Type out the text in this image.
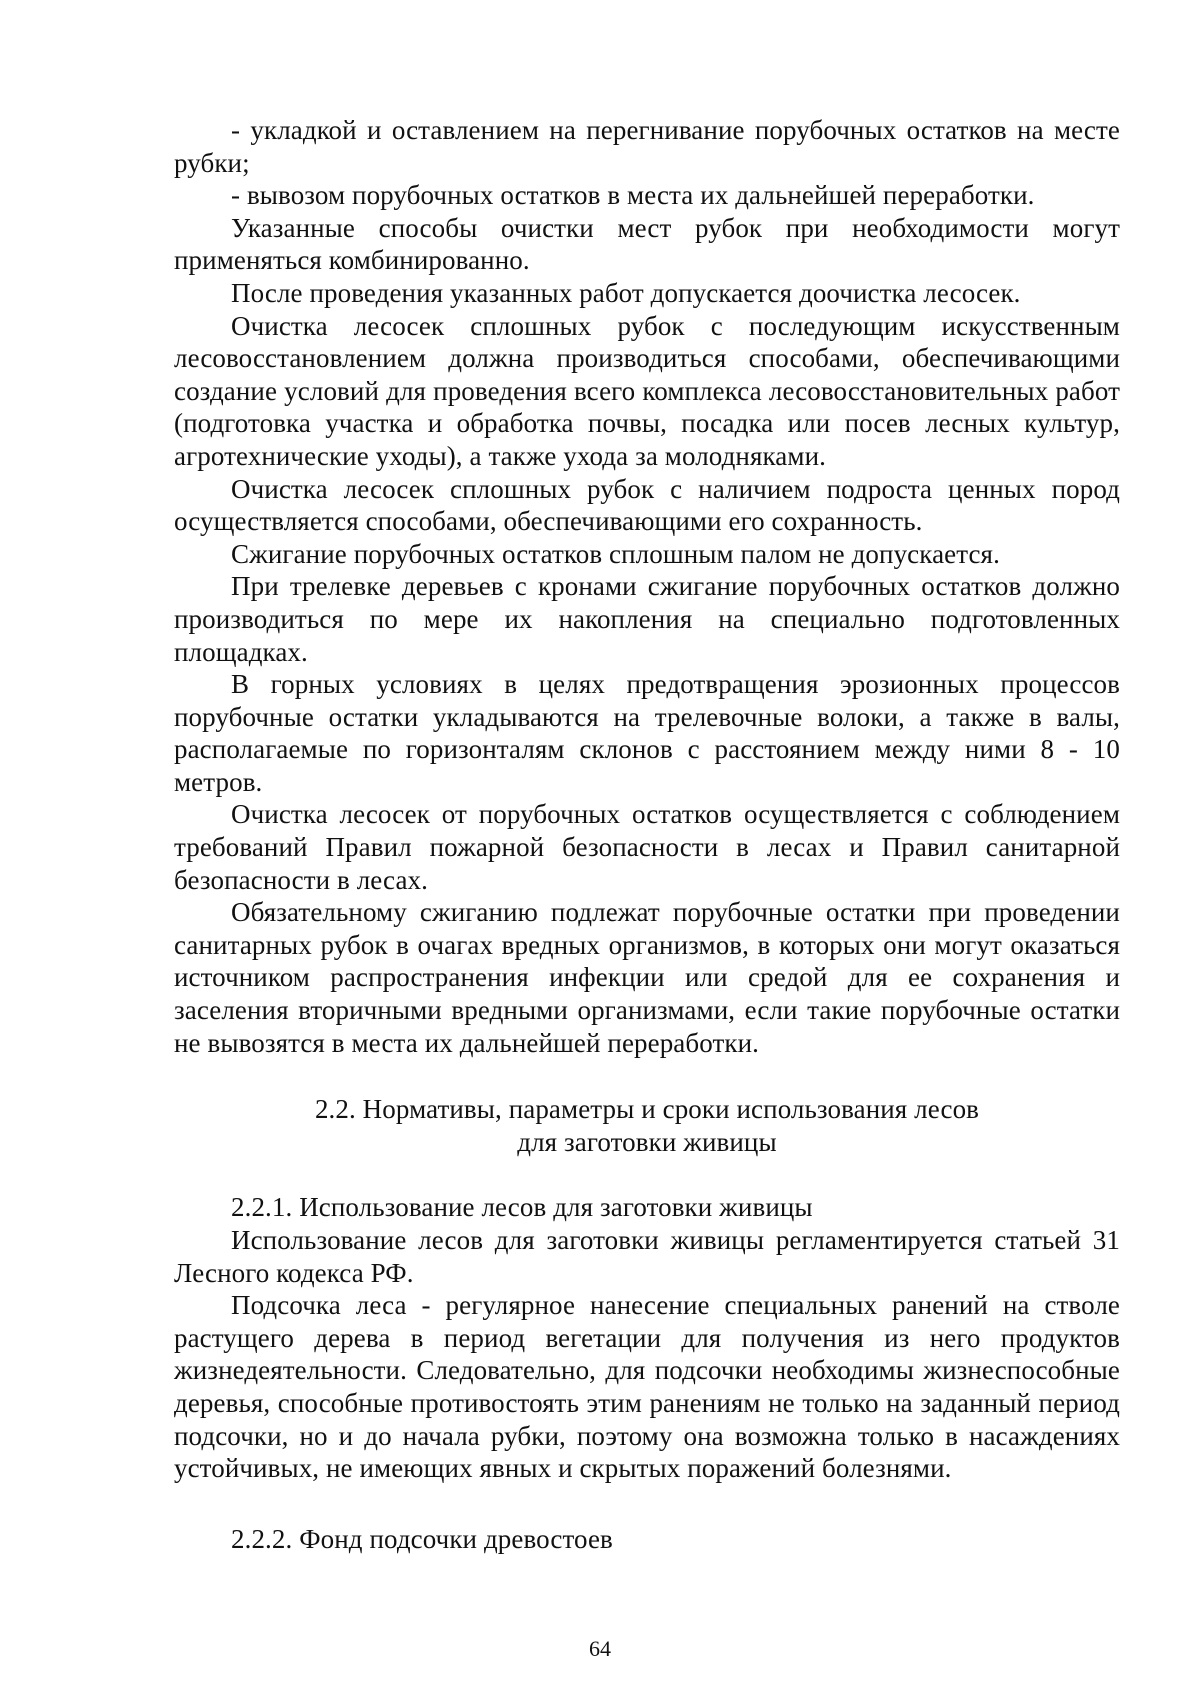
- укладкой и оставлением на перегнивание порубочных остатков на месте рубки;

- вывозом порубочных остатков в места их дальнейшей переработки.

Указанные способы очистки мест рубок при необходимости могут применяться комбинированно.

После проведения указанных работ допускается доочистка лесосек.

Очистка лесосек сплошных рубок с последующим искусственным лесовосстановлением должна производиться способами, обеспечивающими создание условий для проведения всего комплекса лесовосстановительных работ (подготовка участка и обработка почвы, посадка или посев лесных культур, агротехнические уходы), а также ухода за молодняками.

Очистка лесосек сплошных рубок с наличием подроста ценных пород осуществляется способами, обеспечивающими его сохранность.

Сжигание порубочных остатков сплошным палом не допускается.

При трелевке деревьев с кронами сжигание порубочных остатков должно производиться по мере их накопления на специально подготовленных площадках.

В горных условиях в целях предотвращения эрозионных процессов порубочные остатки укладываются на трелевочные волоки, а также в валы, располагаемые по горизонталям склонов с расстоянием между ними 8 - 10 метров.

Очистка лесосек от порубочных остатков осуществляется с соблюдением требований Правил пожарной безопасности в лесах и Правил санитарной безопасности в лесах.

Обязательному сжиганию подлежат порубочные остатки при проведении санитарных рубок в очагах вредных организмов, в которых они могут оказаться источником распространения инфекции или средой для ее сохранения и заселения вторичными вредными организмами, если такие порубочные остатки не вывозятся в места их дальнейшей переработки.

2.2. Нормативы, параметры и сроки использования лесов

для заготовки живицы

2.2.1. Использование лесов для заготовки живицы

Использование лесов для заготовки живицы регламентируется статьей 31 Лесного кодекса РФ.

Подсочка леса - регулярное нанесение специальных ранений на стволе растущего дерева в период вегетации для получения из него продуктов жизнедеятельности. Следовательно, для подсочки необходимы жизнеспособные деревья, способные противостоять этим ранениям не только на заданный период подсочки, но и до начала рубки, поэтому она возможна только в насаждениях устойчивых, не имеющих явных и скрытых поражений болезнями.

2.2.2. Фонд подсочки древостоев

64
